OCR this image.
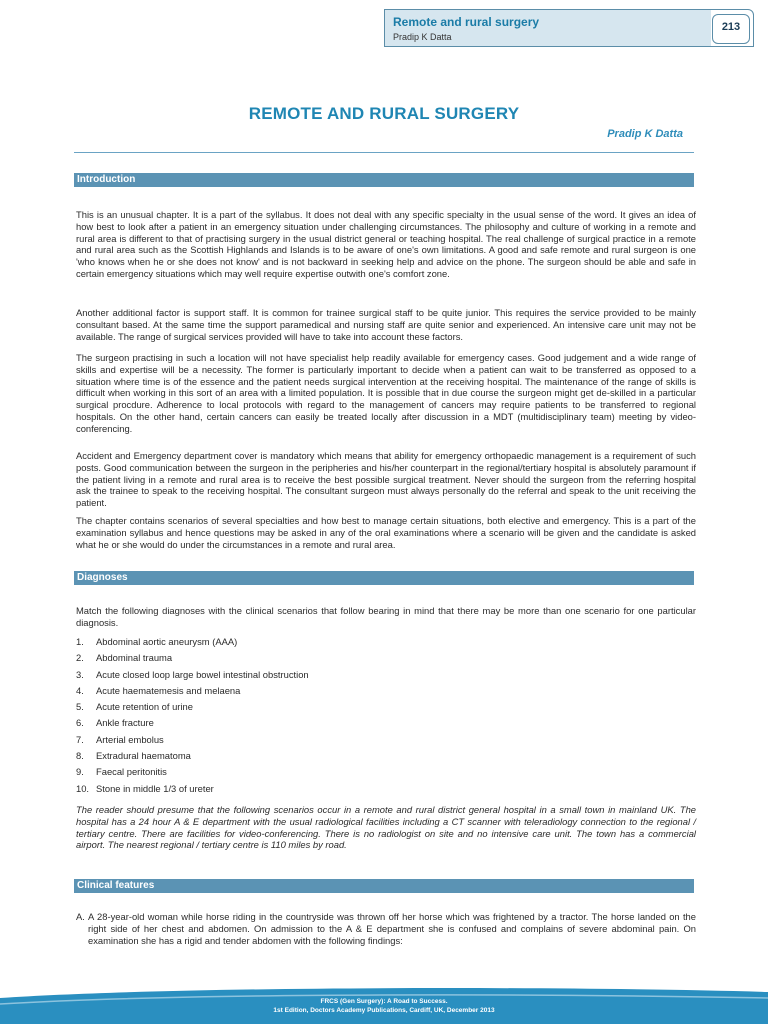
Remote and rural surgery
Pradip K Datta
213
REMOTE AND RURAL SURGERY
Pradip K Datta
Introduction

This is an unusual chapter. It is a part of the syllabus. It does not deal with any specific specialty in the usual sense of the word. It gives an idea of how best to look after a patient in an emergency situation under challenging circumstances. The philosophy and culture of working in a remote and rural area is different to that of practising surgery in the usual district general or teaching hospital. The real challenge of surgical practice in a remote and rural area such as the Scottish Highlands and Islands is to be aware of one's own limitations. A good and safe remote and rural surgeon is one 'who knows when he or she does not know' and is not backward in seeking help and advice on the phone. The surgeon should be able and safe in certain emergency situations which may well require expertise outwith one's comfort zone.

Another additional factor is support staff. It is common for trainee surgical staff to be quite junior. This requires the service provided to be mainly consultant based. At the same time the support paramedical and nursing staff are quite senior and experienced. An intensive care unit may not be available. The range of surgical services provided will have to take into account these factors.

The surgeon practising in such a location will not have specialist help readily available for emergency cases. Good judgement and a wide range of skills and expertise will be a necessity. The former is particularly important to decide when a patient can wait to be transferred as opposed to a situation where time is of the essence and the patient needs surgical intervention at the receiving hospital. The maintenance of the range of skills is difficult when working in this sort of an area with a limited population. It is possible that in due course the surgeon might get de-skilled in a particular surgical procdure. Adherence to local protocols with regard to the management of cancers may require patients to be transferred to regional hospitals. On the other hand, certain cancers can easily be treated locally after discussion in a MDT (multidisciplinary team) meeting by video-conferencing.

Accident and Emergency department cover is mandatory which means that ability for emergency orthopaedic management is a requirement of such posts. Good communication between the surgeon in the peripheries and his/her counterpart in the regional/tertiary hospital is absolutely paramount if the patient living in a remote and rural area is to receive the best possible surgical treatment. Never should the surgeon from the referring hospital ask the trainee to speak to the receiving hospital. The consultant surgeon must always personally do the referral and speak to the unit receiving the patient.

The chapter contains scenarios of several specialties and how best to manage certain situations, both elective and emergency. This is a part of the examination syllabus and hence questions may be asked in any of the oral examinations where a scenario will be given and the candidate is asked what he or she would do under the circumstances in a remote and rural area.

Diagnoses

Match the following diagnoses with the clinical scenarios that follow bearing in mind that there may be more than one scenario for one particular diagnosis.

1. Abdominal aortic aneurysm (AAA)
2. Abdominal trauma
3. Acute closed loop large bowel intestinal obstruction
4. Acute haematemesis and melaena
5. Acute retention of urine
6. Ankle fracture
7. Arterial embolus
8. Extradural haematoma
9. Faecal peritonitis
10. Stone in middle 1/3 of ureter

The reader should presume that the following scenarios occur in a remote and rural district general hospital in a small town in mainland UK. The hospital has a 24 hour A & E department with the usual radiological facilities including a CT scanner with teleradiology connection to the regional / tertiary centre. There are facilities for video-conferencing. There is no radiologist on site and no intensive care unit. The town has a commercial airport. The nearest regional / tertiary centre is 110 miles by road.

Clinical features
A. A 28-year-old woman while horse riding in the countryside was thrown off her horse which was frightened by a tractor. The horse landed on the right side of her chest and abdomen. On admission to the A & E department she is confused and complains of severe abdominal pain. On examination she has a rigid and tender abdomen with the following findings:
FRCS (Gen Surgery): A Road to Success.
1st Edition, Doctors Academy Publications, Cardiff, UK, December 2013
